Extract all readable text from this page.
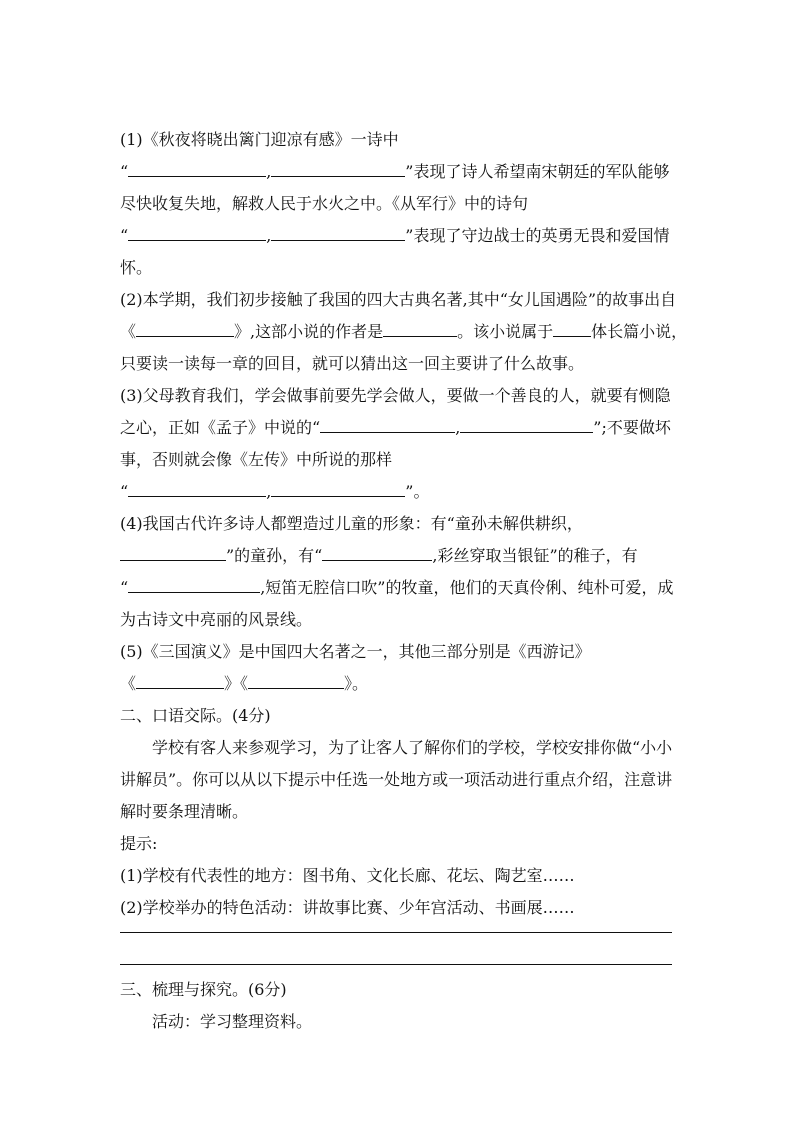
(1)《秋夜将晓出篱门迎凉有感》一诗中
“	,	”表现了诗人希望南宋朝廷的军队能够
尽快收复失地，解救人民于水火之中。《从军行》中的诗句
“	,	”表现了守边战士的英勇无畏和爱国情
怀。
(2)本学期，我们初步接触了我国的四大古典名著,其中“女儿国遇险”的故事出自
《	》,这部小说的作者是	。该小说属于 体长篇小说，
只要读一读每一章的回目，就可以猜出这一回主要讲了什么故事。
(3)父母教育我们，学会做事前要先学会做人，要做一个善良的人，就要有恻隐
之心，正如《孟子》中说的“	,	”;不要做坏
事，否则就会像《左传》中所说的那样
“	,	”。
(4)我国古代许多诗人都塑造过儿童的形象：有“童孙未解供耕织，
”的童孙，有“	,彩丝穿取当银钲”的稚子，有
“	,短笛无腔信口吹”的牧童，他们的天真伶俐、纯朴可爱，成
为古诗文中亮丽的风景线。
(5)《三国演义》是中国四大名著之一，其他三部分别是《西游记》
《	》《	》。
二、口语交际。(4分)
学校有客人来参观学习，为了让客人了解你们的学校，学校安排你做“小小
讲解员”。你可以从以下提示中任选一处地方或一项活动进行重点介绍，注意讲
解时要条理清晰。
提示:
(1)学校有代表性的地方：图书角、文化长廊、花坛、陶艺室……
(2)学校举办的特色活动：讲故事比赛、少年宫活动、书画展……
三、梳理与探究。(6分)
活动：学习整理资料。
